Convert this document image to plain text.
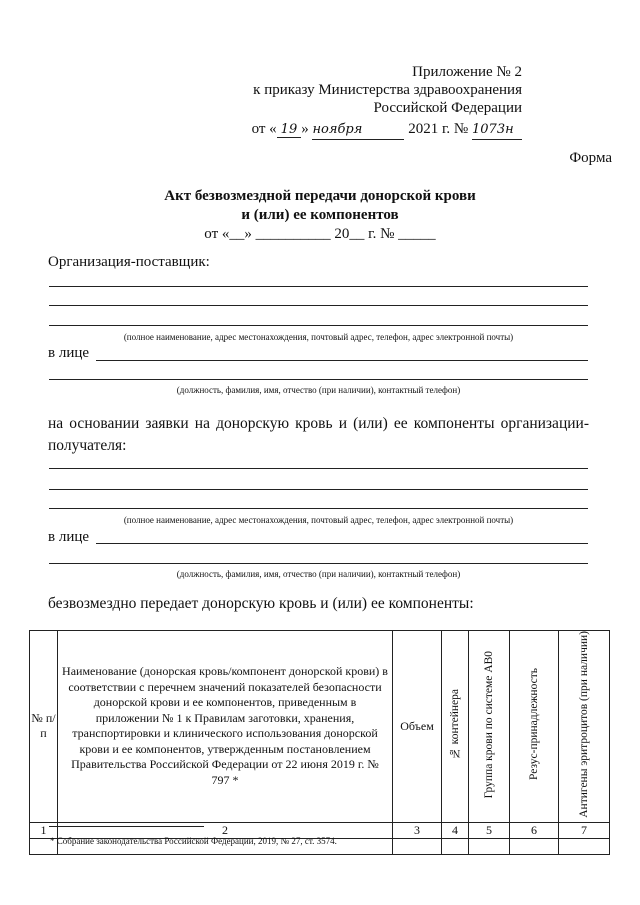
Приложение № 2
к приказу Министерства здравоохранения
Российской Федерации
от « 19 » ноября	2021 г. № 1073н
Форма
Акт безвозмездной передачи донорской крови
и (или) ее компонентов
от «__» __________ 20__ г. № _____
Организация-поставщик:
(полное наименование, адрес местонахождения, почтовый адрес, телефон, адрес электронной почты)
в лице
(должность, фамилия, имя, отчество (при наличии), контактный телефон)
на основании заявки на донорскую кровь и (или) ее компоненты организации-получателя:
(полное наименование, адрес местонахождения, почтовый адрес, телефон, адрес электронной почты)
в лице
(должность, фамилия, имя, отчество (при наличии), контактный телефон)
безвозмездно передает донорскую кровь и (или) ее компоненты:
№ п/п	Наименование (донорская кровь/компонент донорской крови) в соответствии с перечнем значений показателей безопасности донорской крови и ее компонентов, приведенным в приложении № 1 к Правилам заготовки, хранения, транспортировки и клинического использования донорской крови и ее компонентов, утвержденным постановлением Правительства Российской Федерации от 22 июня 2019 г. № 797 *	Объем	№ контейнера	Группа крови по системе АВ0	Резус-принадлежность	Антигены эритроцитов (при наличии)
1	2	3	4	5	6	7

* Собрание законодательства Российской Федерации, 2019, № 27, ст. 3574.
